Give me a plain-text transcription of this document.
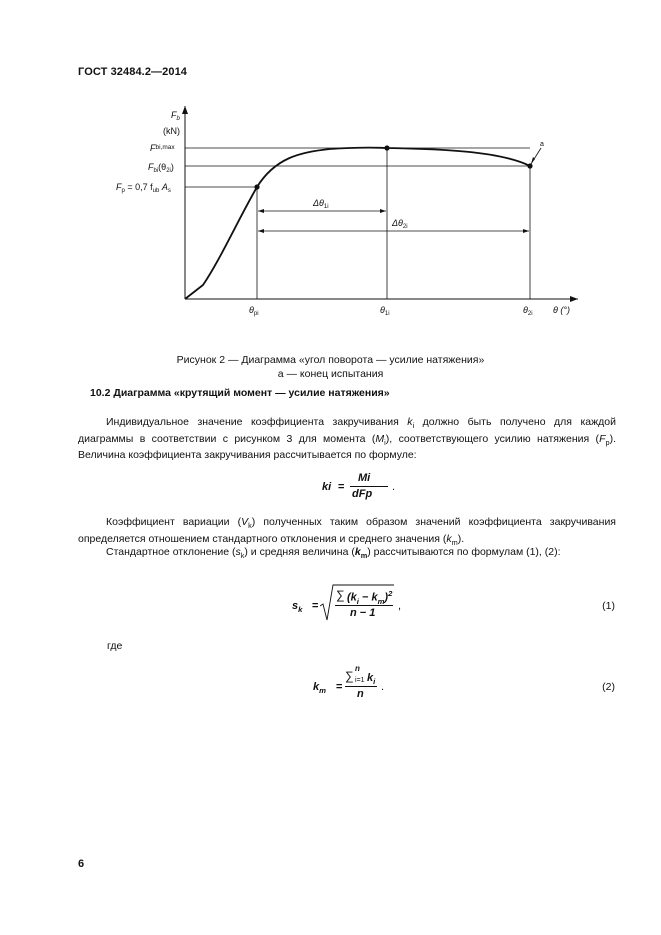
ГОСТ 32484.2—2014
$F_b$
(kN)
$F^{bi,max}$
$F_{bi}(\theta_{2i})$
$F_p = 0,7$ $f_{ub}$ $A_s$
θ (°)
$\theta_{pi}$	$\theta_{1i}$	$\theta_{2i}$
$\Delta\theta_{1i}$
$\Delta\theta_{2i}$
a
Рисунок 2 — Диаграмма «угол поворота — усилие натяжения»
а — конец испытания
10.2 Диаграмма «крутящий момент — усилие натяжения»
Индивидуальное значение коэффициента закручивания $k_i$ должно быть получено для каждой диаграммы в соответствии с рисунком 3 для момента $(M_i)$, соответствующего усилию натяжения $(F_p)$. Величина коэффициента закручивания рассчитывается по формуле:
ki =
Mi
dFp
.
Коэффициент вариации $(V_k)$ полученных таким образом значений коэффициента закручивания определяется отношением стандартного отклонения и среднего значения $(k_m)$.
Стандартное отклонение $(s_k)$ и средняя величина $(k_m)$ рассчитываются по формулам (1), (2):
$s_k$ =
∑ $(k_i - k_m)^2$
n − 1
,	(1)
где
$k_m$ =
∑
n
i=1 $k_i$
n
.	(2)
6
